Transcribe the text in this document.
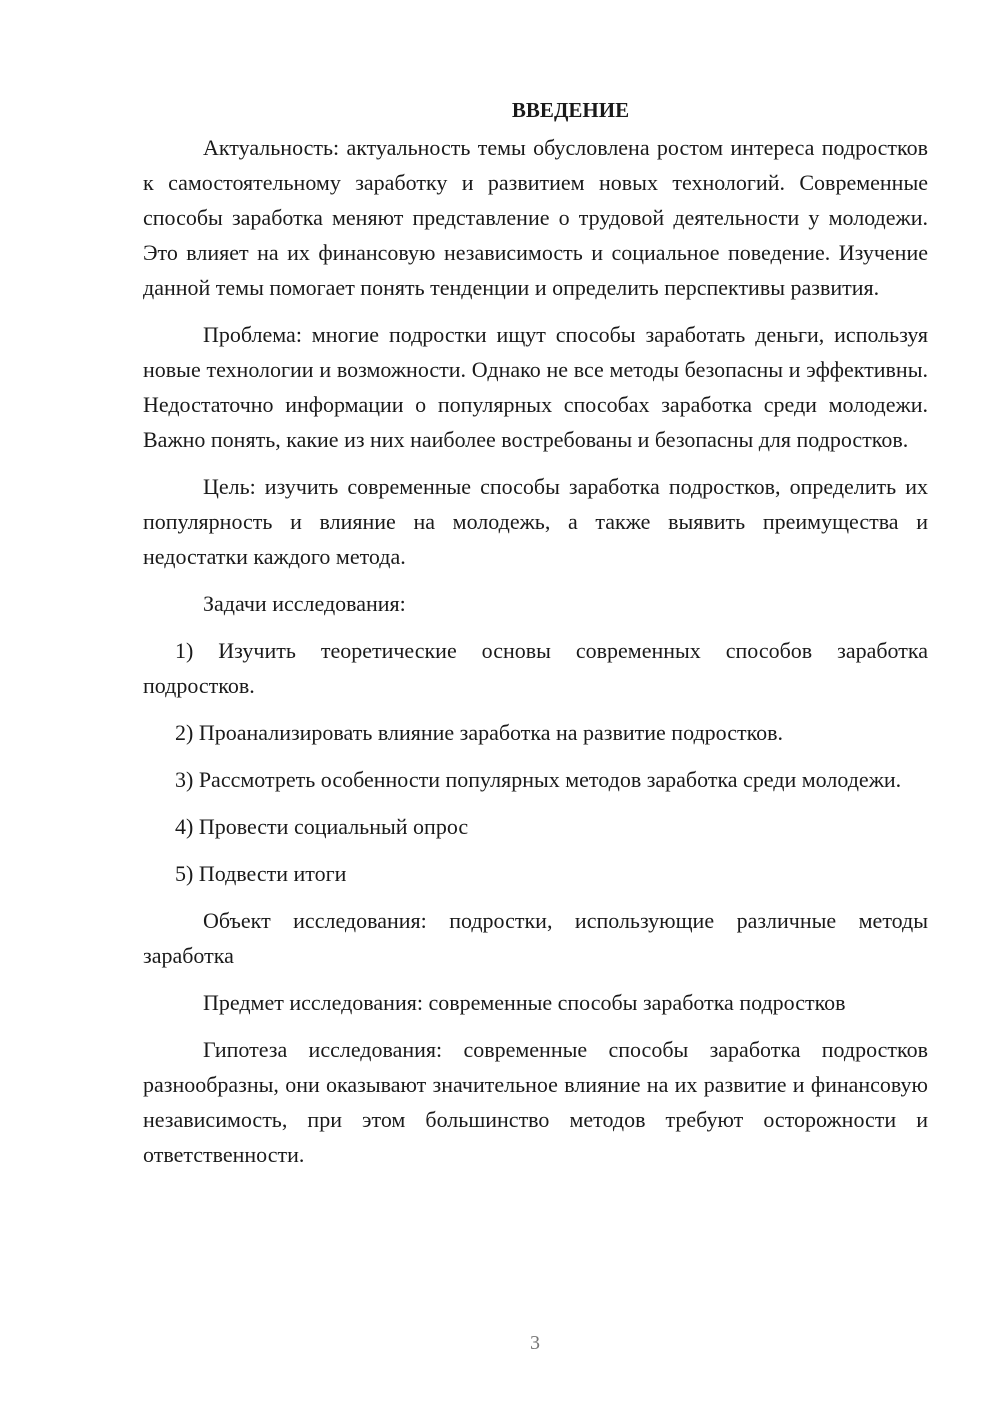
ВВЕДЕНИЕ

Актуальность: актуальность темы обусловлена ростом интереса подростков к самостоятельному заработку и развитием новых технологий. Современные способы заработка меняют представление о трудовой деятельности у молодежи. Это влияет на их финансовую независимость и социальное поведение. Изучение данной темы помогает понять тенденции и определить перспективы развития.

Проблема: многие подростки ищут способы заработать деньги, используя новые технологии и возможности. Однако не все методы безопасны и эффективны. Недостаточно информации о популярных способах заработка среди молодежи. Важно понять, какие из них наиболее востребованы и безопасны для подростков.

Цель: изучить современные способы заработка подростков, определить их популярность и влияние на молодежь, а также выявить преимущества и недостатки каждого метода.

Задачи исследования:

1) Изучить теоретические основы современных способов заработка подростков.

2) Проанализировать влияние заработка на развитие подростков.

3) Рассмотреть особенности популярных методов заработка среди молодежи.

4) Провести социальный опрос

5) Подвести итоги

Объект исследования: подростки, использующие различные методы заработка

Предмет исследования: современные способы заработка подростков

Гипотеза исследования: современные способы заработка подростков разнообразны, они оказывают значительное влияние на их развитие и финансовую независимость, при этом большинство методов требуют осторожности и ответственности.

3
